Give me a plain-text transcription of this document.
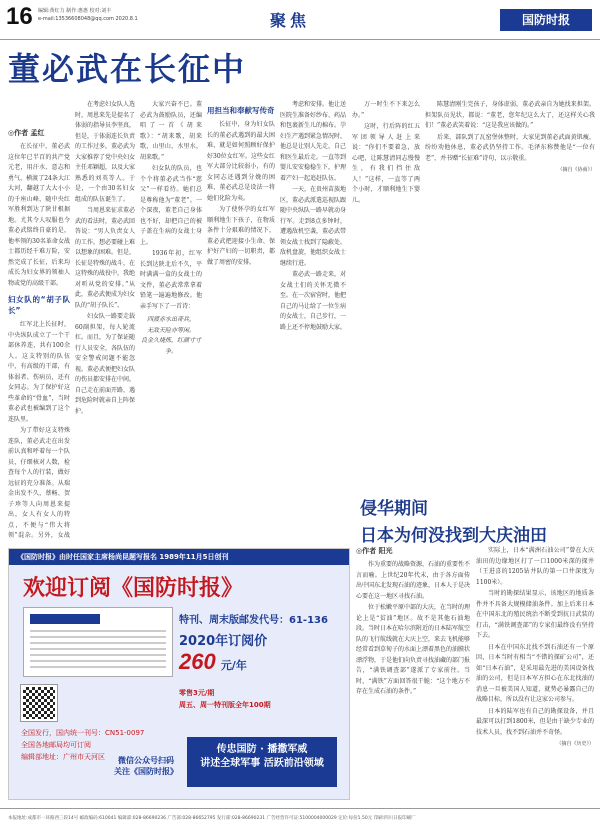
16 编辑:黄红力 制作:惠惠 校对:刘丰
e-mail:13536608048@qq.com 2020.8.1	聚焦	国防时报
董必武在长征中
◎作者 孟红

在长征中，董必武这位年已半百的共产党元老，用汗水、意志和勇气，横渡了24条大江大河，翻越了大大小小的千座山峰，随中央红军胜利到达了陕甘根据地。尤其令人叹服也令董必武铭终自豪的是，他率领的30名革命女战士都历经千难万险，安然完成了长征，后来均成长为妇女界的领袖人物或党的高级干部。

妇女队的“胡子队长”

红军北上长征时，中央纵队成立了一个干部休养连，共有100余人。这支特别的队伍中，有高级的干部，有体弱者、伤病员，还有女同志。为了保护好这些革命的“骨血”，当时董必武也被编到了这个连队里。

为了带好这支特殊连队，董必武走在出发前认真和呼着每一个队员，仔细核对人数，检查每个人的行装，做好远征的充分准备。从瑞金出发不久，蔡畅、贺子珍等人向周恩来提出，女人有女人的特点，不便与“伟大将领”混杂。另外，女战

在考虑妇女队人选时，周恩来先是提名了体弱的指导员李坚真，但是，于体弱连长负责的工作过多，董必武为大家推荐了党中央妇女主任邓颖超，以及大家熟悉的刘英等人。于是，一个由30名妇女组成的队伍诞生了。

当周恩来征求董必武的看法时，董必武回答说：“男人负责女人的工作，想必要碰上难以想象的困难。但是，长征是特殊的战斗，在这特殊的战役中，我绝对听从党的安排。”从此，董必武便成为妇女队的“胡子队长”。

妇女队一路要走载60副担架，每人轮流扛。而且，为了保证随行人员安全，各队伍的安全警戒问题不能忽视。董必武便把妇女队的伤员都安排在中间，自己走在前面开路，遇到危险时就亲自上阵保护。

大家兴奋不已。董必武为鼓励队员，还编唱了一首《胡来歌》：“胡来歌，胡来歌，山里山，水里水，胡来歌。”

妇女队的队员，也个个将董必武当作“慈父”一样看待。她们总是尊称他为“董老”。一个深夜，董老自己身体也不好，却把自己的被子盖在生病的女战士身上。

1936年初，红军长到达陕北后不久，平时满满一盒的女战士的文件，董必武常常拿着铅笔一遍遍地修改。他亲手写下了一首诗：

四渡赤水出奇兵，
无敌天险亦等闲。
良金久烧炼，红颜寸寸争。
用担当和奉献写传奇

长征中，身为妇女队长的董必武遇到的最大困难，就是如何照顾好保护好30位女红军。这些女红军大部分比较弱小，有的女同志还遇到分娩的困难，董必武总是设法一将她们化险为夷。

为了使怀孕的女红军顺利地生下孩子，在物质条件十分艰难的情况下，董必武把迎接小生命、保护好产妇的一切职责，都做了周密的安排。

考虑和安排。他让送医院生准备好纱布、药品和包裹新生儿的棉布。孕妇生产遇到紧急情况时，他总是让别人先走，自己和医生最后走。一直等到婴儿安安稳稳生下，护理着产妇一起追赶队伍。

一天，在贵州苗族地区，董必武派遣巡视队跟随中央纵队一路早就动身行军。走到8点多钟时，遭遇敌机空袭，董必武带领女战士找到了隐蔽处。敌机盘旋，他组织女战士继续行进。

董必武一路走来，对女战士们的关怀无微不至。在一次宿营时，他把自己的马让给了一位生病的女战士，自己步行，一路上还不停地鼓励大家。

万一时生不下来怎么办。”

这时，行后阵的红五军团领导人赶上来说：“你们不要着急，放心吧，让陈慧清同志慢慢生，有我们挡住敌人！”这样，一直等了两个小时，才顺利地生下婴儿。

陈慧清刚生完孩子，身体虚弱，董必武亲自为她找来担架。担架队员见状，都说：“董老，您年纪这么大了，还这样关心我们！”董必武笑着说：“这是我应该做的。”

后来，部队到了瓦窑堡休整时，大家见到董必武面黄肌瘦，纷纷劝他休息，董必武仍坚持工作。毛泽东称赞他是“一位有老”，并书赠“长征难”诗句，以示敬重。

（摘自《协商》）
侵华期间
日本为何没找到大庆油田
◎作者 阳光

作为重要的战略资源，石油的重要性不言而喻。上世纪20年代末，由于各方面传出中国东北发现石油的迹象，日本人于是决心要在这一地区寻找石油。

位于松嫩平原中部的大庆，在当时的理论上是“贫油”地区。故不是其他石油地段。当时日本在哈尔滨附近的日本陆军航空队的飞行航线就在大庆上空，来去飞机能够经常看到草甸子的水面上漂着黑色的油膜状漂浮物，于是他们向负责寻找油藏的部门报告，“满铁调查部”遂派了专家前往。当时，“满铁”方面回答很干脆：“这个地方不存在生成石油的条件。”

实际上，日本“满洲石油公司”曾在大庆油田的边缘地区打了一口1000米深的探井（王进喜的1205钻井队的第一口井深度为1100米）。

当时的勘探结果显示，该地区的地质条件并不具备大规模储油条件。加上后来日本在中国东北的殖民统治不断受到抗日武装的打击，“满铁调查部”的专家们最终没有坚持下去。

日本在中国东北找不到石油还有一个原因，日本当时有相当“不错的探矿公司”，还如“日本石油”，是采用最先进的美国设备找油的公司，但是日本军方担心在东北找油的消息一旦被美国人知道，就势必暴露自己的战略目标，所以没有让这家公司参与。

日本的陆军也有自己的勘探设备，并且最深可以打到1800米，但是由于缺少专业的技术人员，找不到石油并不奇怪。

（摘自《历史》）
《国防时报》由时任国家主席杨尚昆题写报名 1989年11月5日创刊
欢迎订阅《国防时报》
特刊、周末版邮发代号：61-136
2020年订阅价
260 元/年
零售3元/期
周五、周一特刊版全年100期
全国发行，国内统一刊号：CN51-0097
全国各地邮局均可订阅
编辑部地址：广州市天河区	微信公众号扫码
关注《国防时报》
传忠国防 · 播撒军威
讲述全球军事 活跃前沿领域
本报地址:成都市一环路西三段14号 邮政编码:610041 编辑部:028-86690236 广告部:028-86652795 发行部:028-86690231 广告经营许可证:5100004000029 定价:每份1.50元 印刷:四川日报印刷厂
